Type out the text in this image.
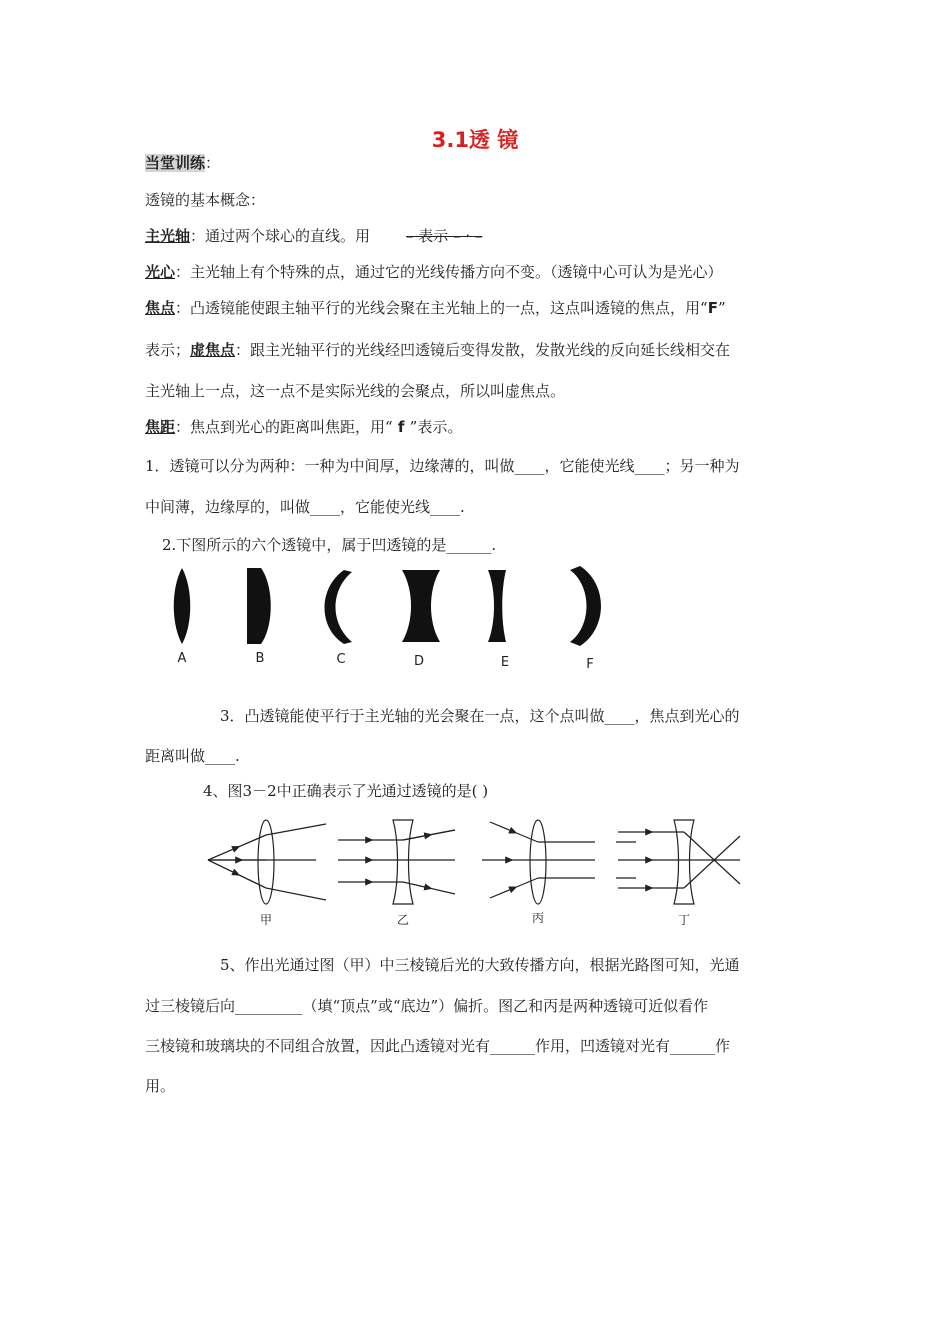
3.1透 镜
当堂训练：
透镜的基本概念：
主光轴：通过两个球心的直线。用 – 表示 – · –
光心：主光轴上有个特殊的点，通过它的光线传播方向不变。（透镜中心可认为是光心）
焦点：凸透镜能使跟主轴平行的光线会聚在主光轴上的一点，这点叫透镜的焦点，用“F”
表示；虚焦点：跟主光轴平行的光线经凹透镜后变得发散，发散光线的反向延长线相交在
主光轴上一点，这一点不是实际光线的会聚点，所以叫虚焦点。
焦距：焦点到光心的距离叫焦距，用“ f ”表示。
1．透镜可以分为两种：一种为中间厚，边缘薄的，叫做____，它能使光线____；另一种为
中间薄，边缘厚的，叫做____，它能使光线____.
2.下图所示的六个透镜中，属于凹透镜的是______.
A	B	C	D	E	F
3．凸透镜能使平行于主光轴的光会聚在一点，这个点叫做____，焦点到光心的
距离叫做____.
4、图3－2中正确表示了光通过透镜的是( )
甲	乙	丙	丁
5、作出光通过图（甲）中三棱镜后光的大致传播方向，根据光路图可知，光通
过三棱镜后向_________（填“顶点”或“底边”）偏折。图乙和丙是两种透镜可近似看作
三棱镜和玻璃块的不同组合放置，因此凸透镜对光有______作用，凹透镜对光有______作
用。
